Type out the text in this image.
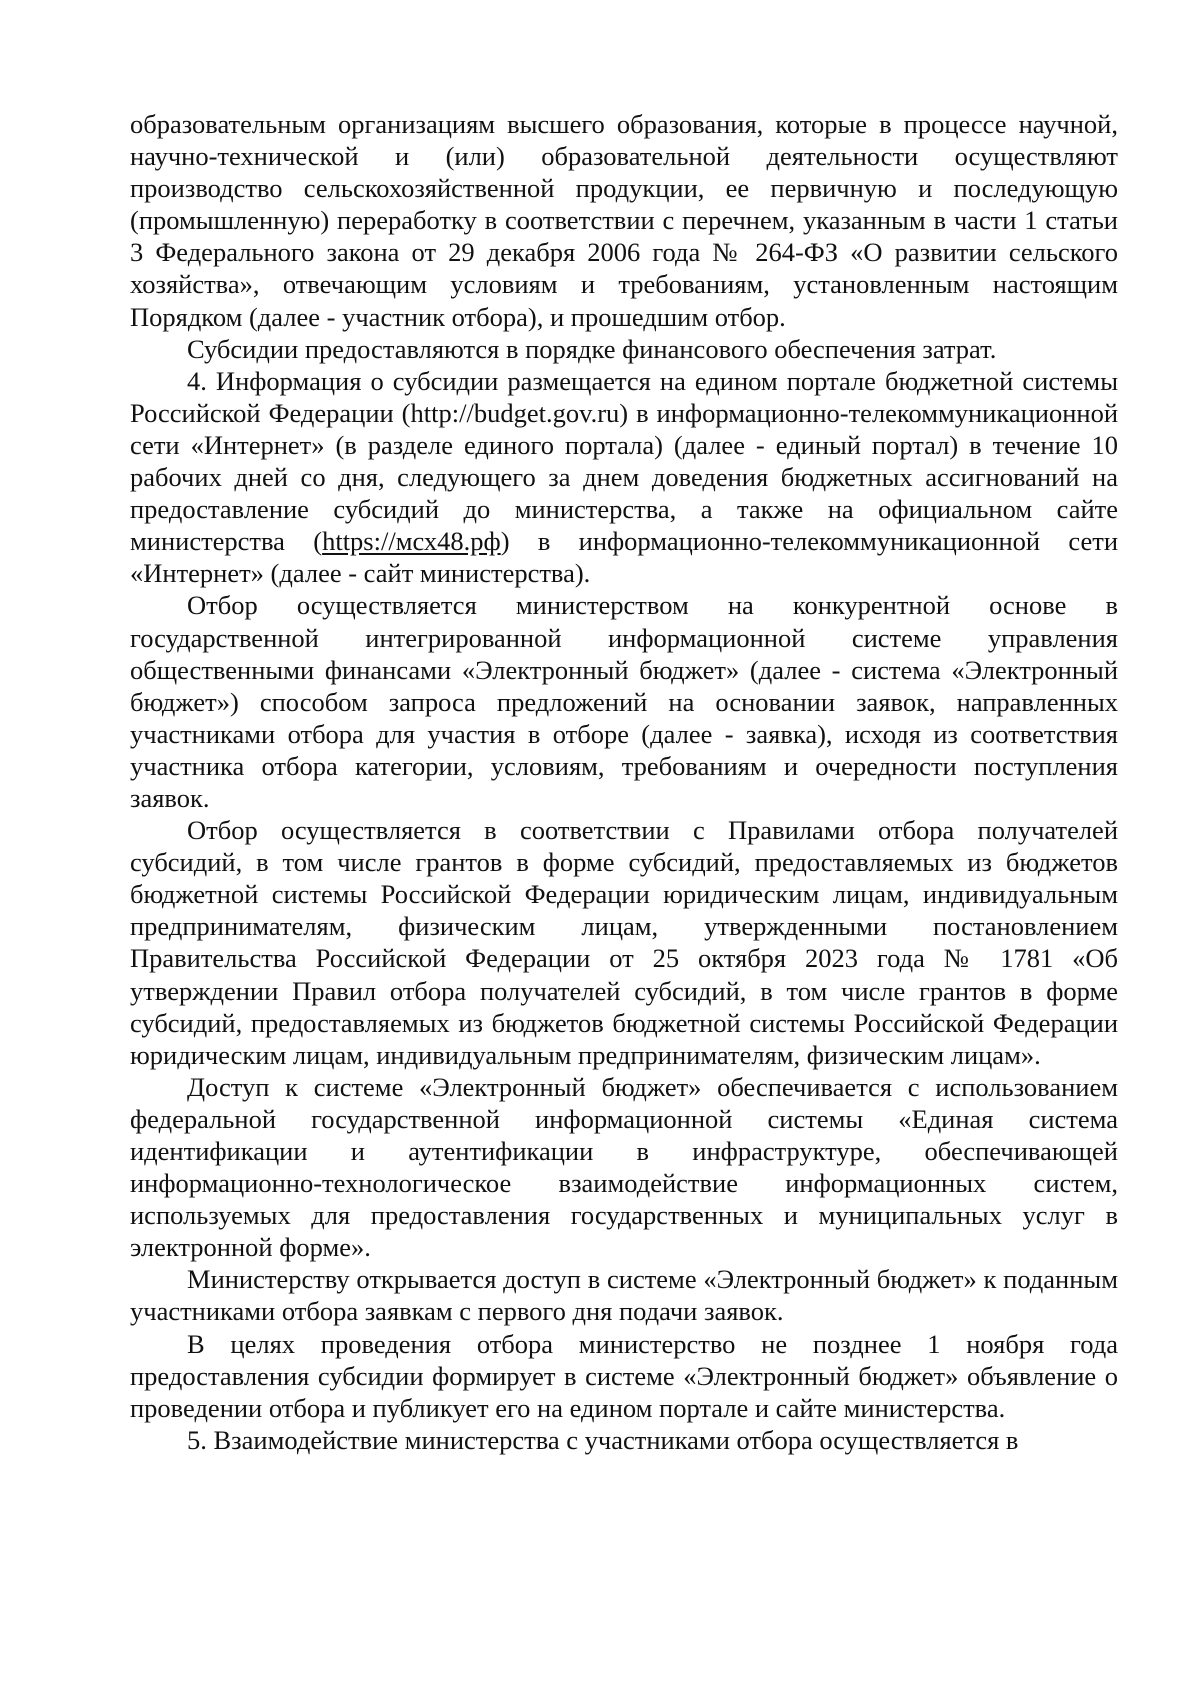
образовательным организациям высшего образования, которые в процессе научной, научно-технической и (или) образовательной деятельности осуществляют производство сельскохозяйственной продукции, ее первичную и последующую (промышленную) переработку в соответствии с перечнем, указанным в части 1 статьи 3 Федерального закона от 29 декабря 2006 года № 264-ФЗ «О развитии сельского хозяйства», отвечающим условиям и требованиям, установленным настоящим Порядком (далее - участник отбора), и прошедшим отбор.

Субсидии предоставляются в порядке финансового обеспечения затрат.

4. Информация о субсидии размещается на едином портале бюджетной системы Российской Федерации (http://budget.gov.ru) в информационно-телекоммуникационной сети «Интернет» (в разделе единого портала) (далее - единый портал) в течение 10 рабочих дней со дня, следующего за днем доведения бюджетных ассигнований на предоставление субсидий до министерства, а также на официальном сайте министерства (https://мсх48.рф) в информационно-телекоммуникационной сети «Интернет» (далее - сайт министерства).

Отбор осуществляется министерством на конкурентной основе в государственной интегрированной информационной системе управления общественными финансами «Электронный бюджет» (далее - система «Электронный бюджет») способом запроса предложений на основании заявок, направленных участниками отбора для участия в отборе (далее - заявка), исходя из соответствия участника отбора категории, условиям, требованиям и очередности поступления заявок.

Отбор осуществляется в соответствии с Правилами отбора получателей субсидий, в том числе грантов в форме субсидий, предоставляемых из бюджетов бюджетной системы Российской Федерации юридическим лицам, индивидуальным предпринимателям, физическим лицам, утвержденными постановлением Правительства Российской Федерации от 25 октября 2023 года № 1781 «Об утверждении Правил отбора получателей субсидий, в том числе грантов в форме субсидий, предоставляемых из бюджетов бюджетной системы Российской Федерации юридическим лицам, индивидуальным предпринимателям, физическим лицам».

Доступ к системе «Электронный бюджет» обеспечивается с использованием федеральной государственной информационной системы «Единая система идентификации и аутентификации в инфраструктуре, обеспечивающей информационно-технологическое взаимодействие информационных систем, используемых для предоставления государственных и муниципальных услуг в электронной форме».

Министерству открывается доступ в системе «Электронный бюджет» к поданным участниками отбора заявкам с первого дня подачи заявок.

В целях проведения отбора министерство не позднее 1 ноября года предоставления субсидии формирует в системе «Электронный бюджет» объявление о проведении отбора и публикует его на едином портале и сайте министерства.

5. Взаимодействие министерства с участниками отбора осуществляется в
